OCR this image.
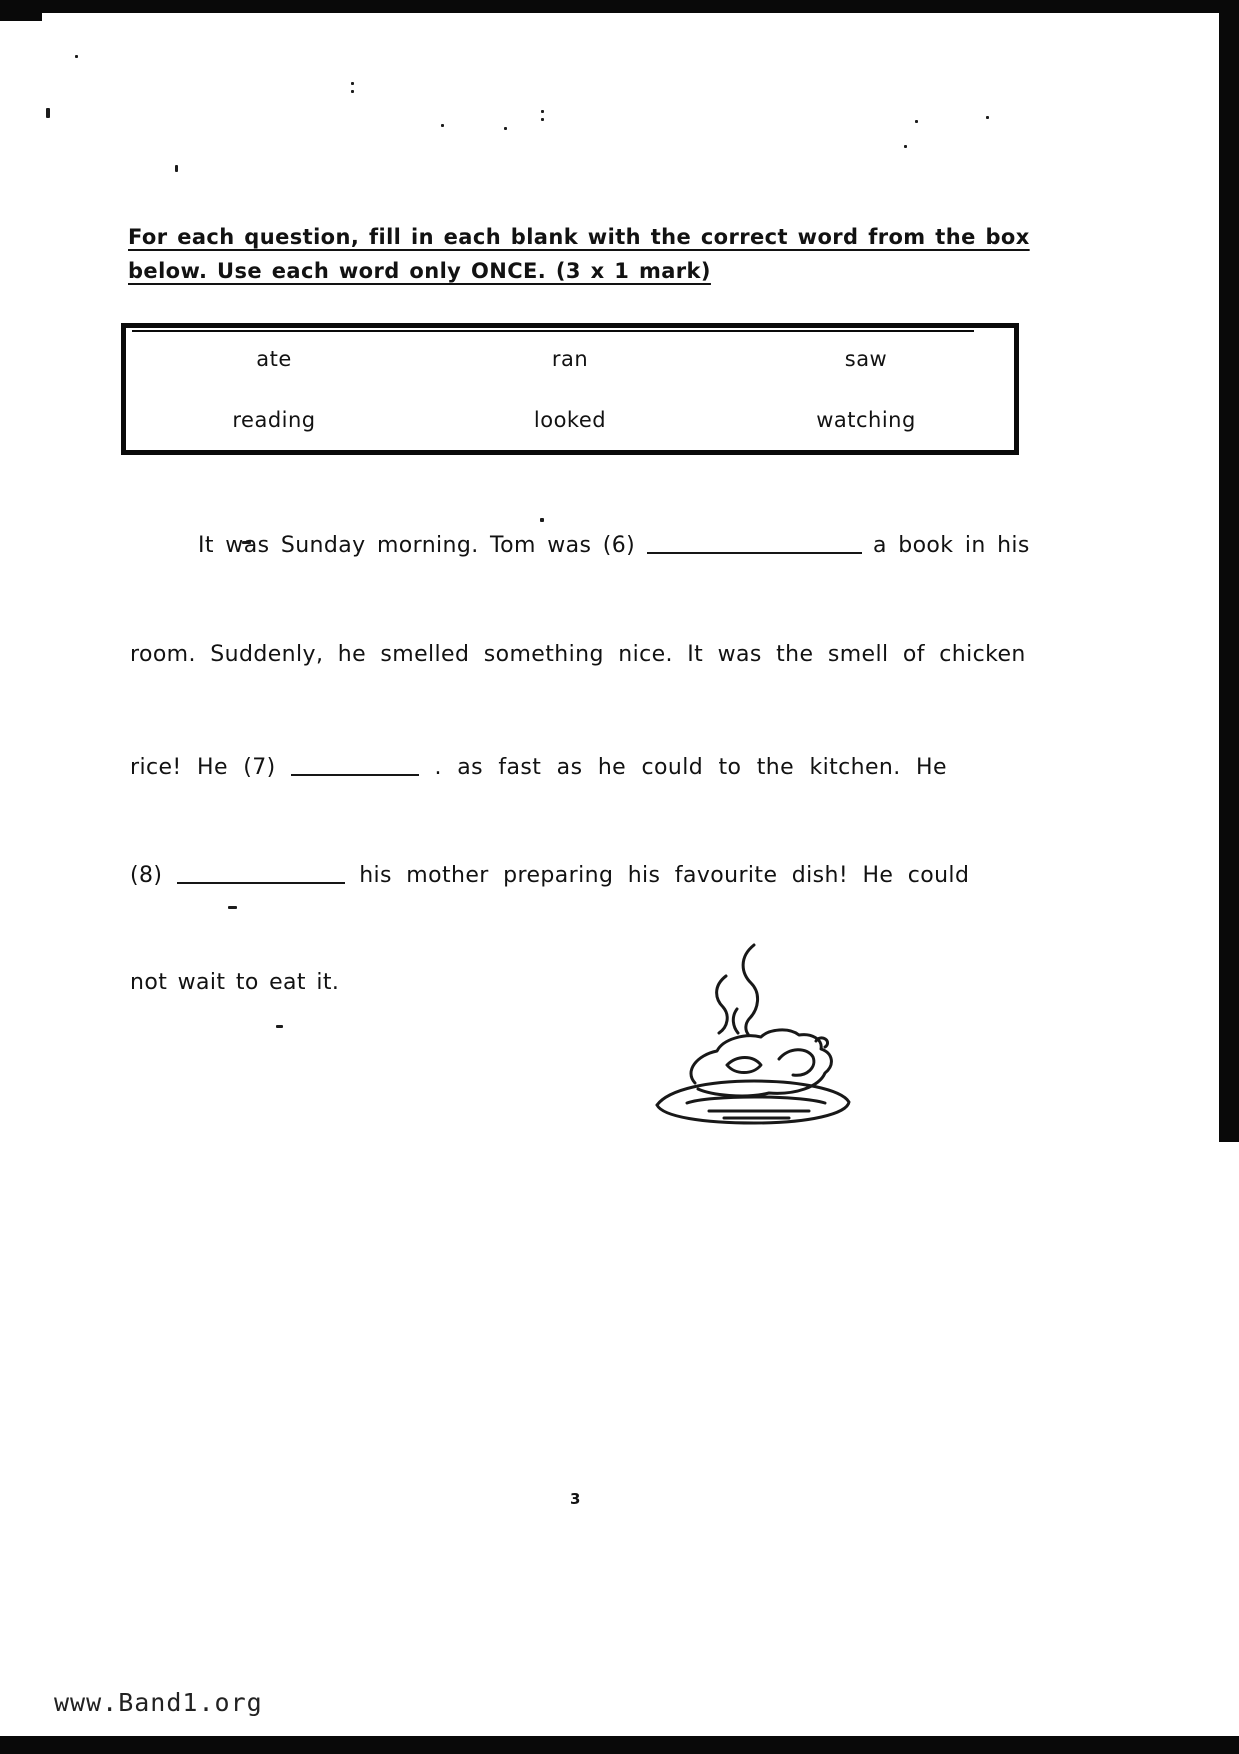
For each question, fill in each blank with the correct word from the box
below. Use each word only ONCE. (3 x 1 mark)
ate	ran	saw
reading	looked	watching
It was Sunday morning. Tom was (6)	a book in his
room. Suddenly, he smelled something nice. It was the smell of chicken
rice! He (7)	. as fast as he could to the kitchen. He
(8)	his mother preparing his favourite dish! He could
not wait to eat it.
3
www.Band1.org
